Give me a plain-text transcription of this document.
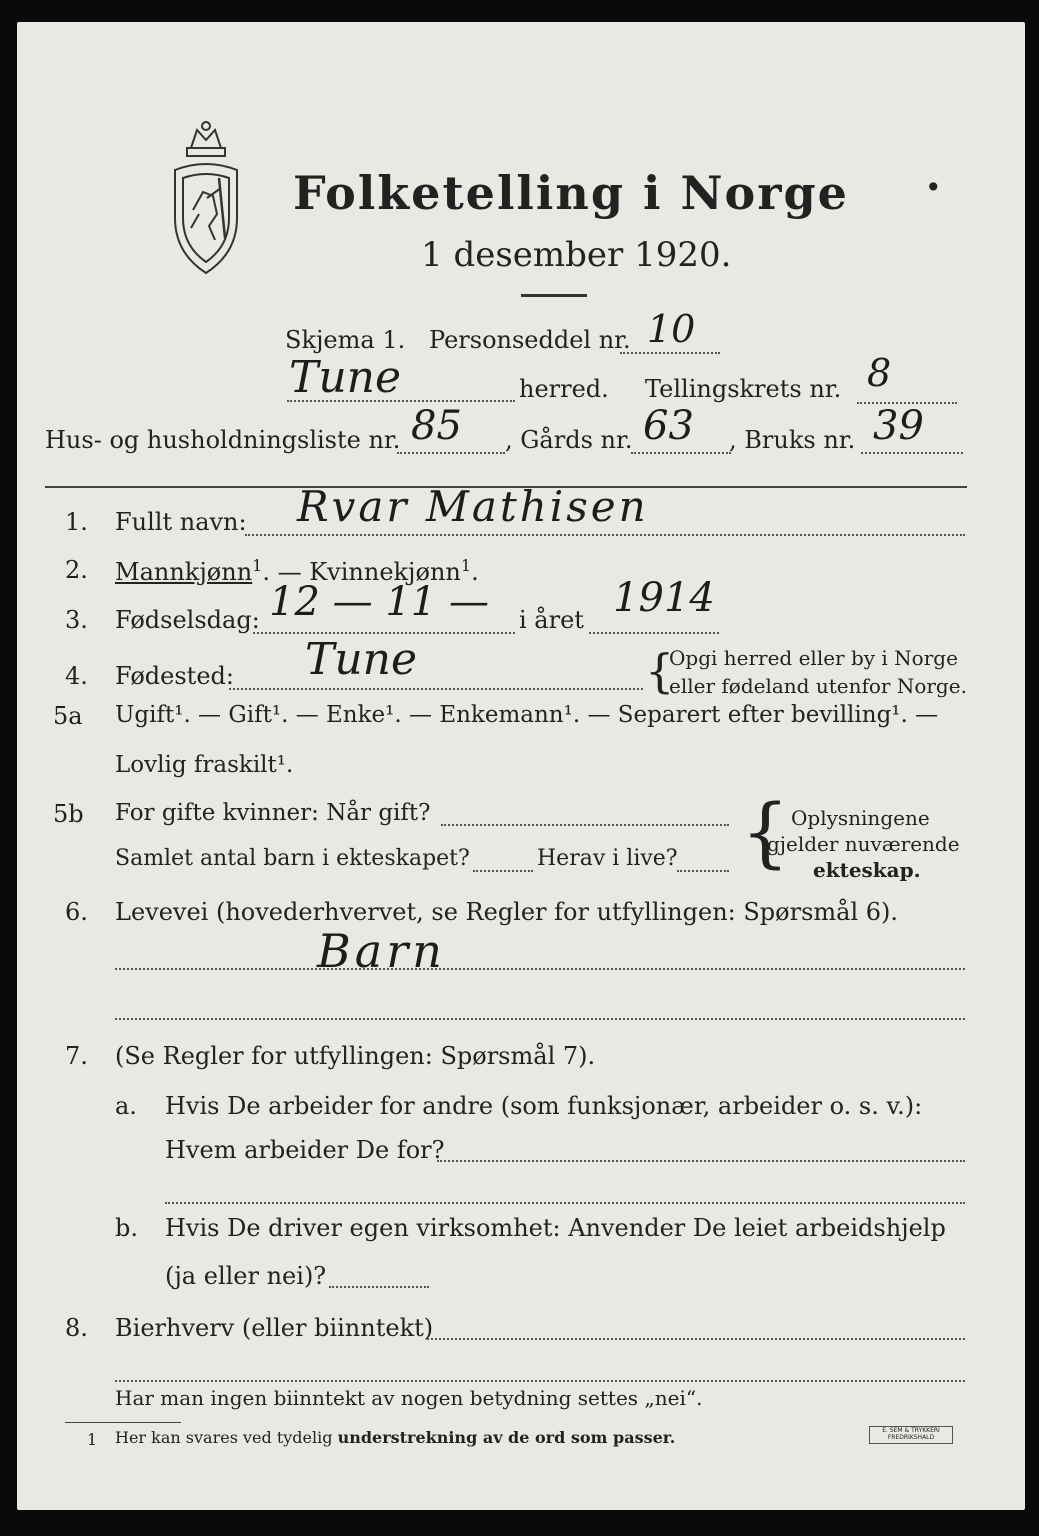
Folketelling i Norge	•
1 desember 1920.
Skjema 1. Personseddel nr. 10
Tune	herred. Tellingskrets nr. 8
Hus- og husholdningsliste nr. 85 , Gårds nr. 63 , Bruks nr. 39
1. Fullt navn: Rvar Mathisen
2. Mannkjønn$^1$. — Kvinnekjønn$^1$.
3. Fødselsdag: 12 — 11 — i året 1914
4. Fødested: Tune	{
Opgi herred eller by i Norge
eller fødeland utenfor Norge.
5a Ugift¹. — Gift¹. — Enke¹. — Enkemann¹. — Separert efter bevilling¹. —
Lovlig fraskilt¹.
5b For gifte kvinner: Når gift?
Samlet antal barn i ekteskapet?	Herav i live? { Oplysningene
gjelder nuværende
ekteskap.
6. Levevei (hovederhvervet, se Regler for utfyllingen: Spørsmål 6).
Barn
7. (Se Regler for utfyllingen: Spørsmål 7).
a. Hvis De arbeider for andre (som funksjonær, arbeider o. s. v.):
Hvem arbeider De for?
b. Hvis De driver egen virksomhet: Anvender De leiet arbeidshjelp
(ja eller nei)?
8. Bierhverv (eller biinntekt)
Har man ingen biinntekt av nogen betydning settes „nei“.
1 Her kan svares ved tydelig understrekning av de ord som passer.	E. SEM & TRYKKERI FREDRIKSHALD
